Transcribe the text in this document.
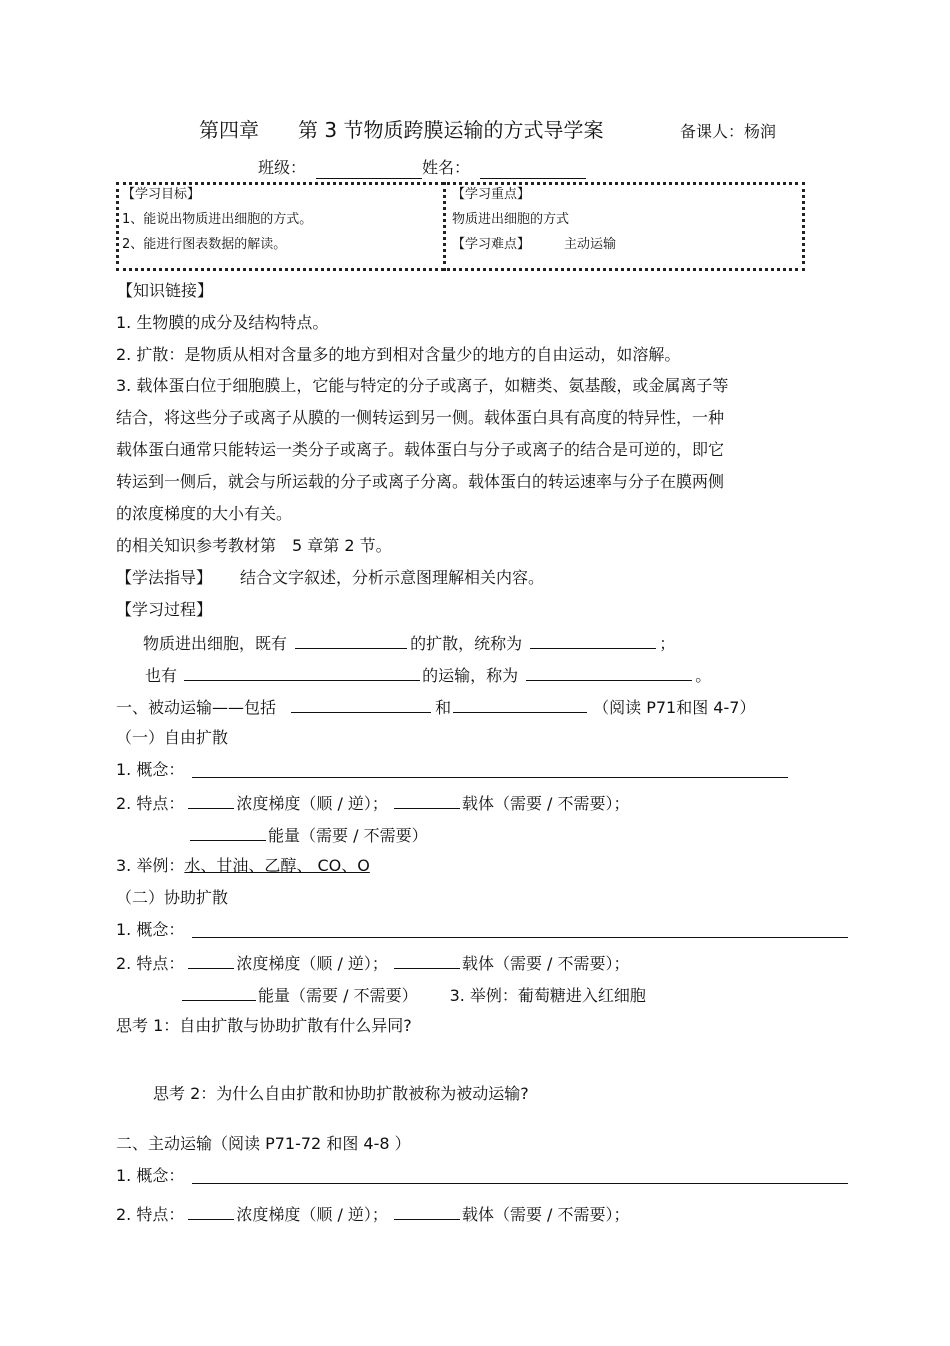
第四章 第 3 节物质跨膜运输的方式导学案	备课人：杨润
班级：	姓名：
【学习目标】
1、能说出物质进出细胞的方式。
2、能进行图表数据的解读。
【学习重点】
物质进出细胞的方式
【学习难点】	主动运输
【知识链接】
1. 生物膜的成分及结构特点。
2. 扩散：是物质从相对含量多的地方到相对含量少的地方的自由运动，如溶解。
3. 载体蛋白位于细胞膜上，它能与特定的分子或离子，如糖类、氨基酸，或金属离子等
结合，将这些分子或离子从膜的一侧转运到另一侧。载体蛋白具有高度的特异性，一种
载体蛋白通常只能转运一类分子或离子。载体蛋白与分子或离子的结合是可逆的，即它
转运到一侧后，就会与所运载的分子或离子分离。载体蛋白的转运速率与分子在膜两侧
的浓度梯度的大小有关。
的相关知识参考教材第　5 章第 2 节。
【学法指导】 结合文字叙述，分析示意图理解相关内容。
【学习过程】
物质进出细胞，既有	的扩散，统称为	；
也有	的运输，称为	。
一、被动运输——包括	和	（阅读 P71和图 4-7）
（一）自由扩散
1. 概念：
2. 特点：	浓度梯度（顺 / 逆）；	载体（需要 / 不需要）；
能量（需要 / 不需要）
3. 举例：水、甘油、乙醇、 CO、O
（二）协助扩散
1. 概念：
2. 特点：	浓度梯度（顺 / 逆）；	载体（需要 / 不需要）；
能量（需要 / 不需要） 3. 举例：葡萄糖进入红细胞
思考 1：自由扩散与协助扩散有什么异同?
思考 2：为什么自由扩散和协助扩散被称为被动运输?
二、主动运输（阅读 P71-72 和图 4-8 ）
1. 概念：
2. 特点：	浓度梯度（顺 / 逆）；	载体（需要 / 不需要）；
